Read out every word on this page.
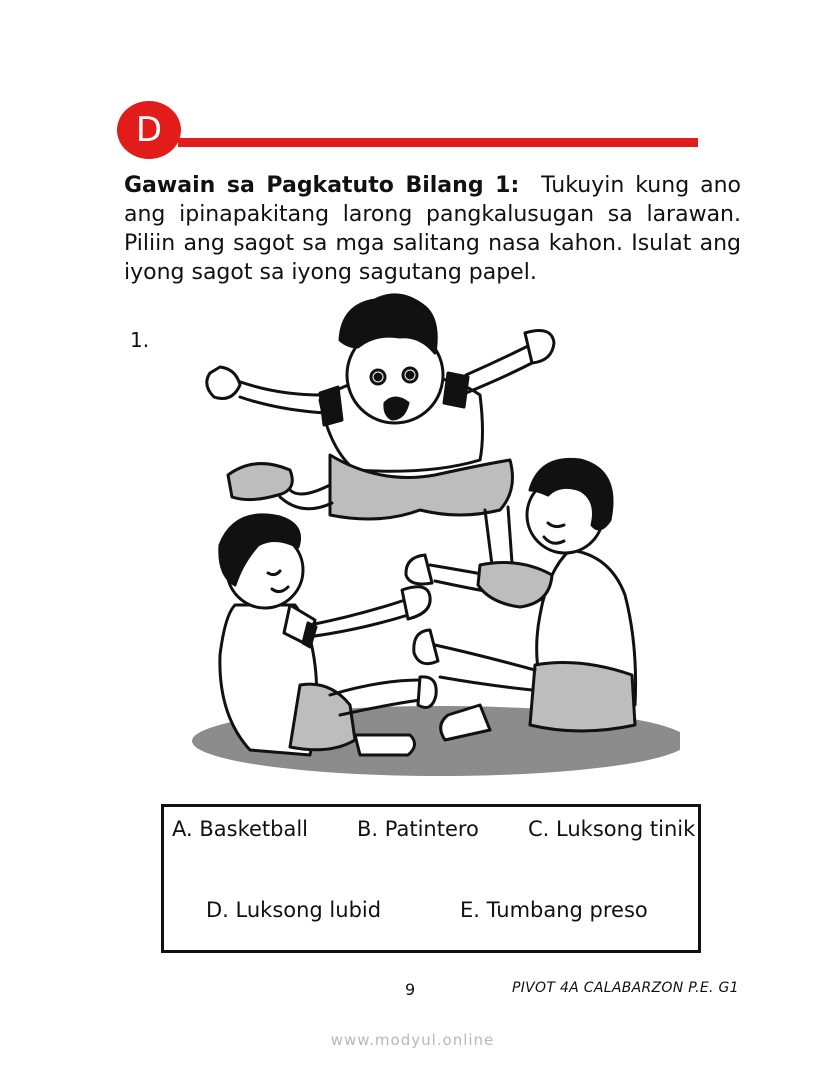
D
Gawain sa Pagkatuto Bilang 1: Tukuyin kung ano ang ipinapakitang larong pangkalusugan sa larawan. Piliin ang sagot sa mga salitang nasa kahon. Isulat ang iyong sagot sa iyong sagutang papel.
1.
A. Basketball B. Patintero C. Luksong tinik
D. Luksong lubid	E. Tumbang preso
9	PIVOT 4A CALABARZON P.E. G1
www.modyul.online
